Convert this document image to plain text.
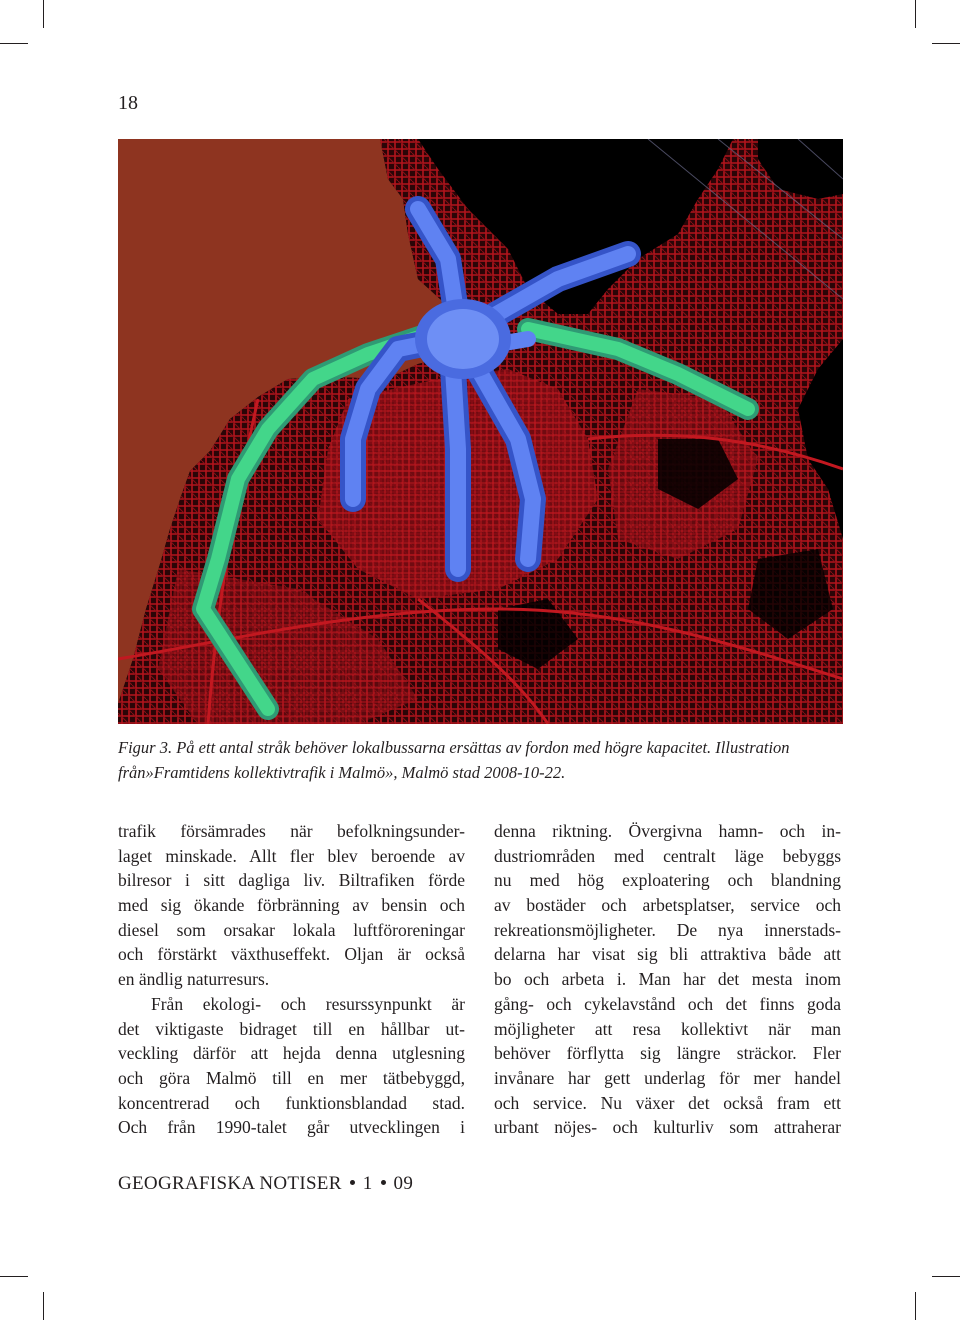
18
Figur 3. På ett antal stråk behöver lokalbussarna ersättas av fordon med högre kapacitet. Illustration
från»Framtidens kollektivtrafik i Malmö», Malmö stad 2008-10-22.
trafik försämrades när befolkningsunder-
laget minskade. Allt fler blev beroende av
bilresor i sitt dagliga liv. Biltrafiken förde
med sig ökande förbränning av bensin och
diesel som orsakar lokala luftföroreningar
och förstärkt växthuseffekt. Oljan är också
en ändlig naturresurs.
Från ekologi- och resurssynpunkt är
det viktigaste bidraget till en hållbar ut-
veckling därför att hejda denna utglesning
och göra Malmö till en mer tätbebyggd,
koncentrerad och funktionsblandad stad.
Och från 1990-talet går utvecklingen i
denna riktning. Övergivna hamn- och in-
dustriområden med centralt läge bebyggs
nu med hög exploatering och blandning
av bostäder och arbetsplatser, service och
rekreationsmöjligheter. De nya innerstads-
delarna har visat sig bli attraktiva både att
bo och arbeta i. Man har det mesta inom
gång- och cykelavstånd och det finns goda
möjligheter att resa kollektivt när man
behöver förflytta sig längre sträckor. Fler
invånare har gett underlag för mer handel
och service. Nu växer det också fram ett
urbant nöjes- och kulturliv som attraherar
GEOGRAFISKA NOTISER 1 09
